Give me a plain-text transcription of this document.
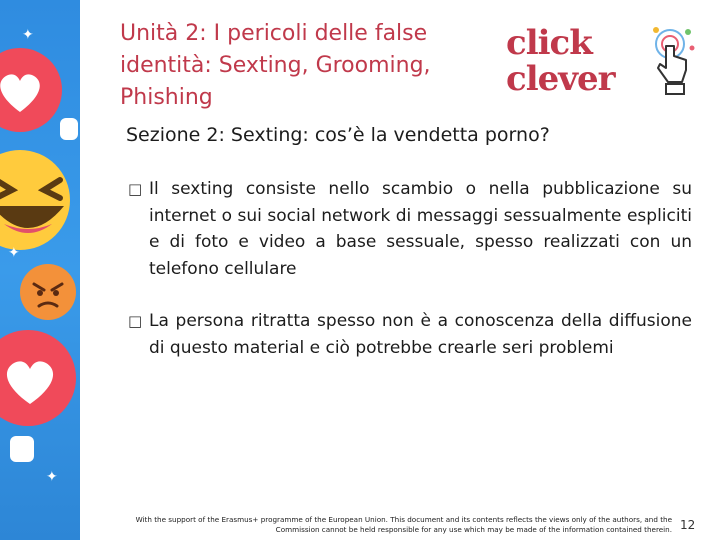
✦
✦
✦
Unità 2: I pericoli delle false identità: Sexting, Grooming, Phishing
click
clever
Sezione 2: Sexting: cos’è la vendetta porno?
□ Il sexting consiste nello scambio o nella pubblicazione su internet o sui social network di messaggi sessualmente espliciti e di foto e video a base sessuale, spesso realizzati con un telefono cellulare
□ La persona ritratta spesso non è a conoscenza della diffusione di questo material e ciò potrebbe crearle seri problemi
With the support of the Erasmus+ programme of the European Union. This document and its contents reflects the views only of the authors, and the
Commission cannot be held responsible for any use which may be made of the information contained therein. 12
